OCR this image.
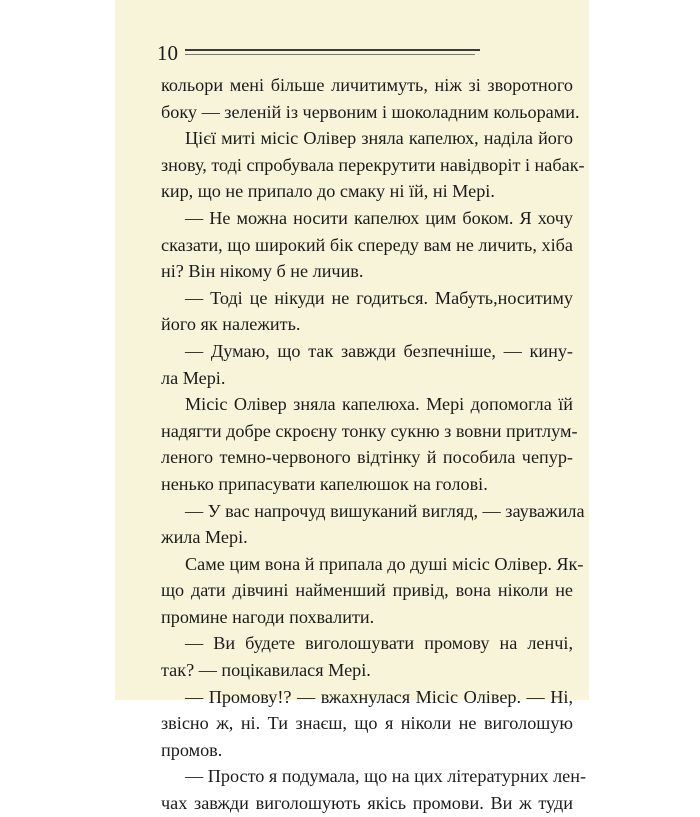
10
кольори мені більше личитимуть, ніж зі зворотного
боку — зеленій із червоним і шоколадним кольорами.
Цієї миті місіс Олівер зняла капелюх, наділа його
знову, тоді спробувала перекрутити навідворіт і набак-
кир, що не припало до смаку ні їй, ні Мері.
— Не можна носити капелюх цим боком. Я хочу
сказати, що широкий бік спереду вам не личить, хіба
ні? Він нікому б не личив.
— Тоді це нікуди не годиться. Мабуть,носитиму
його як належить.
— Думаю, що так завжди безпечніше, — кину-
ла Мері.
Місіс Олівер зняла капелюха. Мері допомогла їй
надягти добре скроєну тонку сукню з вовни притлум-
леного темно-червоного відтінку й пособила чепур-
ненько припасувати капелюшок на голові.
— У вас напрочуд вишуканий вигляд, — зауважила
жила Мері.
Саме цим вона й припала до душі місіс Олівер. Як-
що дати дівчині найменший привід, вона ніколи не
промине нагоди похвалити.
— Ви будете виголошувати промову на ленчі,
так? — поцікавилася Мері.
— Промову!? — вжахнулася Місіс Олівер. — Ні,
звісно ж, ні. Ти знаєш, що я ніколи не виголошую
промов.
— Просто я подумала, що на цих літературних лен-
чах завжди виголошують якісь промови. Ви ж туди
